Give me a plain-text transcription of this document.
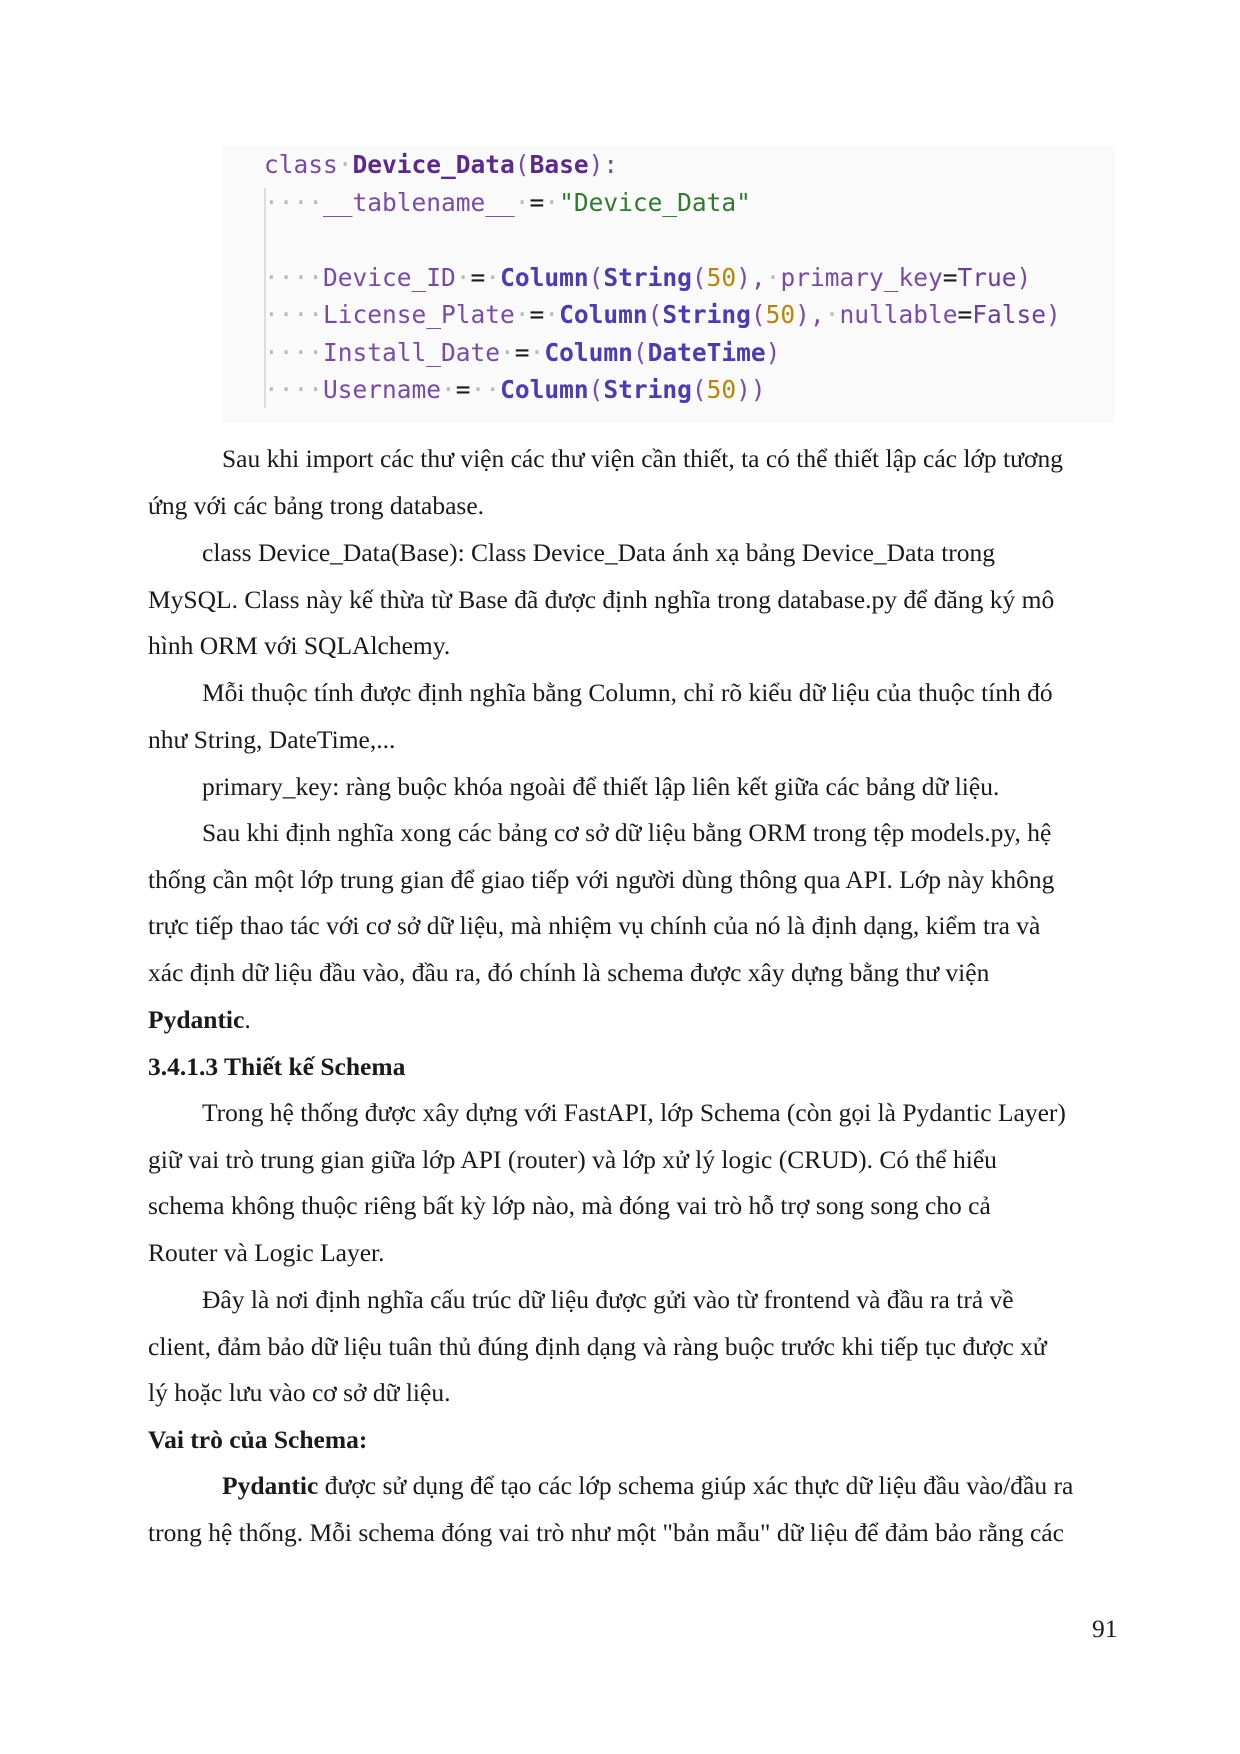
class·Device_Data(Base):
····__tablename__·=·"Device_Data"
····Device_ID·=·Column(String(50),·primary_key=True)
····License_Plate·=·Column(String(50),·nullable=False)
····Install_Date·=·Column(DateTime)
····Username·=··Column(String(50))

Sau khi import các thư viện các thư viện cần thiết, ta có thể thiết lập các lớp tương
ứng với các bảng trong database.

class Device_Data(Base): Class Device_Data ánh xạ bảng Device_Data trong
MySQL. Class này kế thừa từ Base đã được định nghĩa trong database.py để đăng ký mô
hình ORM với SQLAlchemy.

Mỗi thuộc tính được định nghĩa bằng Column, chỉ rõ kiểu dữ liệu của thuộc tính đó
như String, DateTime,...

primary_key: ràng buộc khóa ngoài để thiết lập liên kết giữa các bảng dữ liệu.

Sau khi định nghĩa xong các bảng cơ sở dữ liệu bằng ORM trong tệp models.py, hệ
thống cần một lớp trung gian để giao tiếp với người dùng thông qua API. Lớp này không
trực tiếp thao tác với cơ sở dữ liệu, mà nhiệm vụ chính của nó là định dạng, kiểm tra và
xác định dữ liệu đầu vào, đầu ra, đó chính là schema được xây dựng bằng thư viện
Pydantic.

3.4.1.3 Thiết kế Schema

Trong hệ thống được xây dựng với FastAPI, lớp Schema (còn gọi là Pydantic Layer)
giữ vai trò trung gian giữa lớp API (router) và lớp xử lý logic (CRUD). Có thể hiểu
schema không thuộc riêng bất kỳ lớp nào, mà đóng vai trò hỗ trợ song song cho cả
Router và Logic Layer.

Đây là nơi định nghĩa cấu trúc dữ liệu được gửi vào từ frontend và đầu ra trả về
client, đảm bảo dữ liệu tuân thủ đúng định dạng và ràng buộc trước khi tiếp tục được xử
lý hoặc lưu vào cơ sở dữ liệu.

Vai trò của Schema:

Pydantic được sử dụng để tạo các lớp schema giúp xác thực dữ liệu đầu vào/đầu ra
trong hệ thống. Mỗi schema đóng vai trò như một "bản mẫu" dữ liệu để đảm bảo rằng các

91
